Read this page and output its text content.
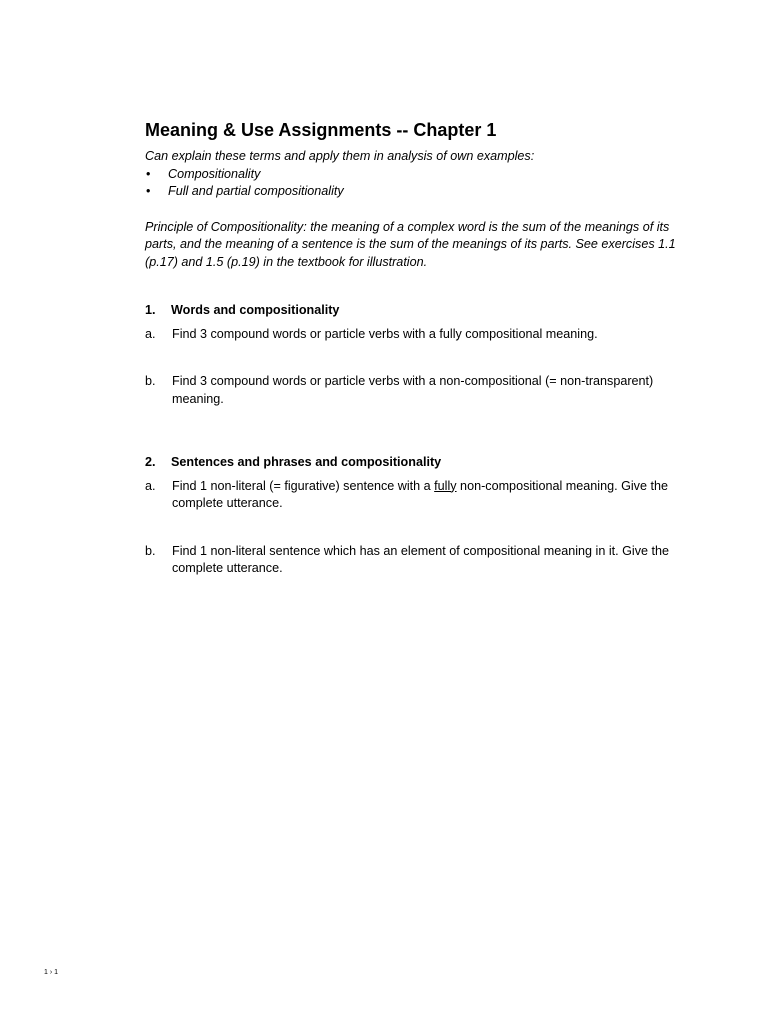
Meaning & Use Assignments -- Chapter 1

Can explain these terms and apply them in analysis of own examples:

• Compositionality
• Full and partial compositionality

Principle of Compositionality: the meaning of a complex word is the sum of the meanings of its parts, and the meaning of a sentence is the sum of the meanings of its parts. See exercises 1.1 (p.17) and 1.5 (p.19) in the textbook for illustration.

1.	Words and compositionality
a.	Find 3 compound words or particle verbs with a fully compositional meaning.
b.	Find 3 compound words or particle verbs with a non-compositional (= non-transparent) meaning.
2.	Sentences and phrases and compositionality
a.	Find 1 non-literal (= figurative) sentence with a fully non-compositional meaning. Give the complete utterance.
b.	Find 1 non-literal sentence which has an element of compositional meaning in it. Give the complete utterance.
1 › 1
